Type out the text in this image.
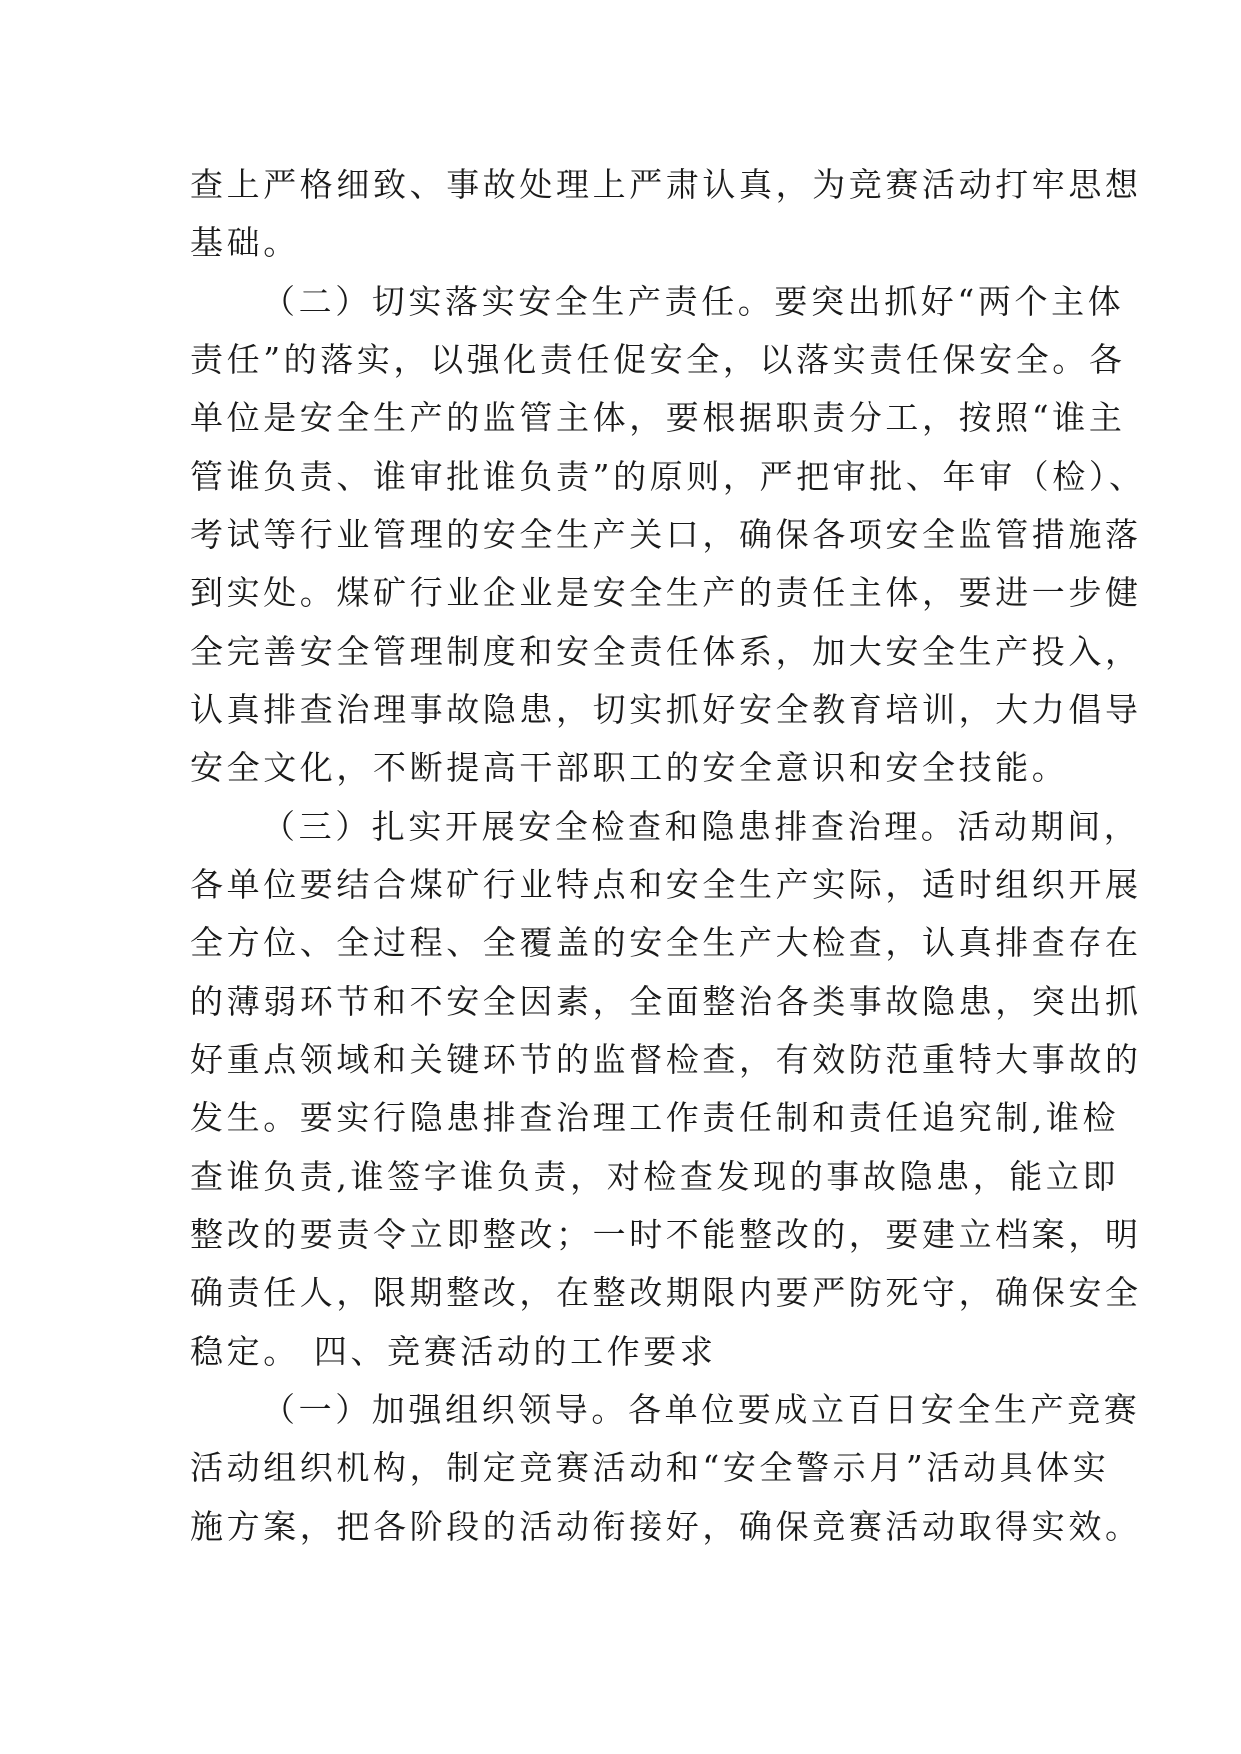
查上严格细致、事故处理上严肃认真，为竞赛活动打牢思想
基础。
（二）切实落实安全生产责任。要突出抓好“两个主体
责任”的落实，以强化责任促安全，以落实责任保安全。各
单位是安全生产的监管主体，要根据职责分工，按照“谁主
管谁负责、谁审批谁负责”的原则，严把审批、年审（检）、
考试等行业管理的安全生产关口，确保各项安全监管措施落
到实处。煤矿行业企业是安全生产的责任主体，要进一步健
全完善安全管理制度和安全责任体系，加大安全生产投入，
认真排查治理事故隐患，切实抓好安全教育培训，大力倡导
安全文化，不断提高干部职工的安全意识和安全技能。
（三）扎实开展安全检查和隐患排查治理。活动期间，
各单位要结合煤矿行业特点和安全生产实际，适时组织开展
全方位、全过程、全覆盖的安全生产大检查，认真排查存在
的薄弱环节和不安全因素，全面整治各类事故隐患，突出抓
好重点领域和关键环节的监督检查，有效防范重特大事故的
发生。要实行隐患排查治理工作责任制和责任追究制,谁检
查谁负责,谁签字谁负责，对检查发现的事故隐患，能立即
整改的要责令立即整改；一时不能整改的，要建立档案，明
确责任人，限期整改，在整改期限内要严防死守，确保安全
稳定。 四、竞赛活动的工作要求
（一）加强组织领导。各单位要成立百日安全生产竞赛
活动组织机构，制定竞赛活动和“安全警示月”活动具体实
施方案，把各阶段的活动衔接好，确保竞赛活动取得实效。
